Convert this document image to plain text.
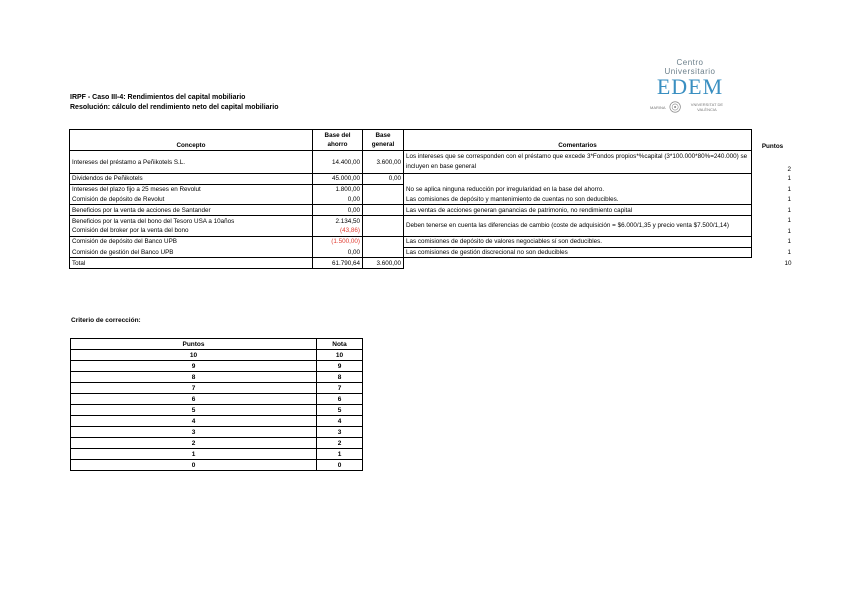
Centro Universitario
EDEM
MARINA	VNIVERSITAT DE VALÈNCIA
IRPF - Caso III-4: Rendimientos del capital mobiliario
Resolución: cálculo del rendimiento neto del capital mobiliario
Concepto	Base del ahorro	Base general	Comentarios	Puntos
Intereses del préstamo a Peñikotels S.L.	14.400,00	3.600,00	Los intereses que se corresponden con el préstamo que excede 3*Fondos propios*%capital (3*100.000*80%=240.000) se incluyen en base general	2
Dividendos de Peñikotels	45.000,00	0,00		1
Intereses del plazo fijo a 25 meses en Revolut	1.800,00		No se aplica ninguna reducción por irregularidad en la base del ahorro.	1
Comisión de depósito de Revolut	0,00		Las comisiones de depósito y mantenimiento de cuentas no son deducibles.	1
Beneficios por la venta de acciones de Santander	0,00		Las ventas de acciones generan ganancias de patrimonio, no rendimiento capital	1
Beneficios por la venta del bono del Tesoro USA a 10años	2.134,50		Deben tenerse en cuenta las diferencias de cambio (coste de adquisición = $6.000/1,35 y precio venta $7.500/1,14)	1
Comisión del broker por la venta del bono	(43,86)			1
Comisión de depósito del Banco UPB	(1.500,00)		Las comisiones de depósito de valores negociables sí son deducibles.	1
Comisión de gestión del Banco UPB	0,00		Las comisiones de gestión discrecional no son deducibles	1
Total	61.790,64	3.600,00		10
Criterio de corrección:
Puntos	Nota
10	10
9	9
8	8
7	7
6	6
5	5
4	4
3	3
2	2
1	1
0	0
